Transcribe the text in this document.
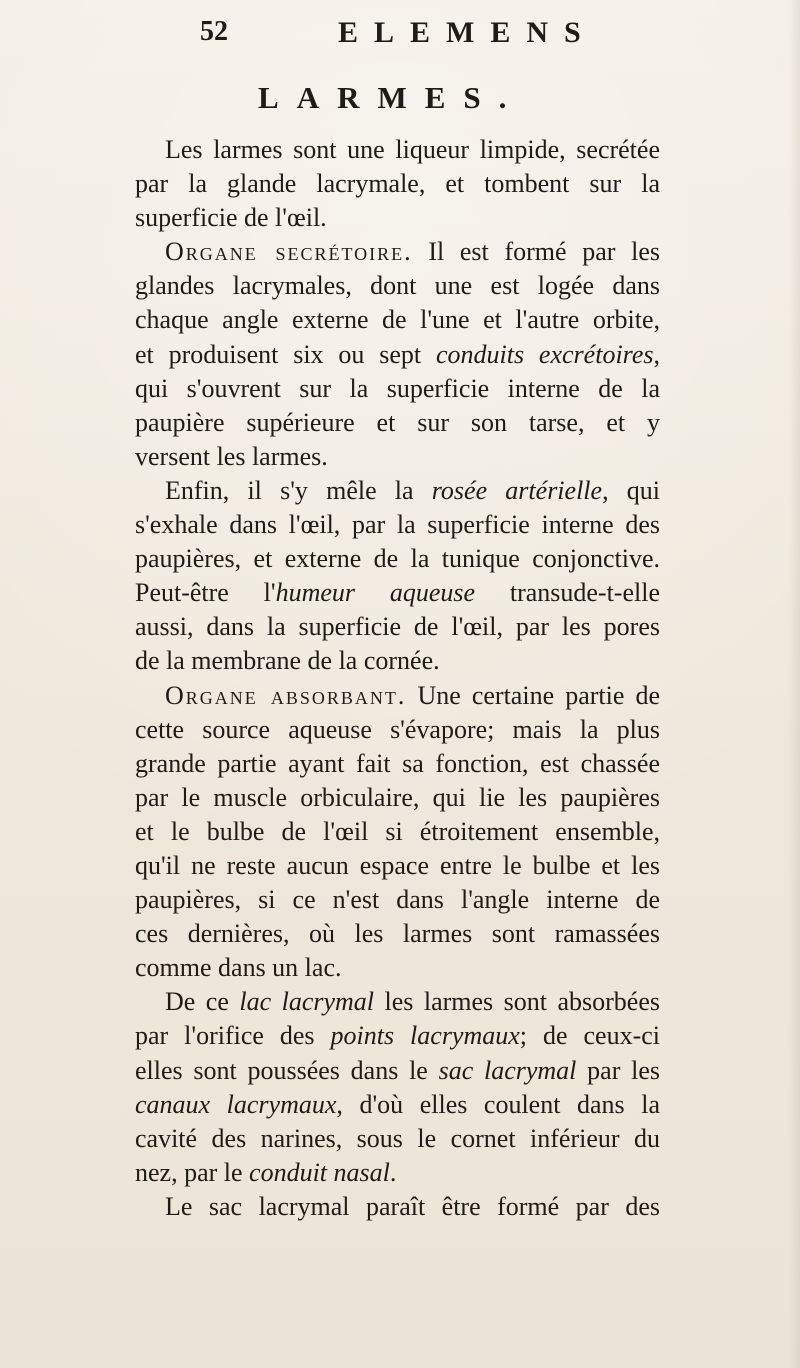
52	ELEMENS
LARMES.
Les larmes sont une liqueur limpide, secrétée
par la glande lacrymale, et tombent sur la
superficie de l'œil.
Organe secrétoire. Il est formé par les
glandes lacrymales, dont une est logée dans
chaque angle externe de l'une et l'autre orbite,
et produisent six ou sept conduits excrétoires,
qui s'ouvrent sur la superficie interne de la
paupière supérieure et sur son tarse, et y
versent les larmes.
Enfin, il s'y mêle la rosée artérielle, qui
s'exhale dans l'œil, par la superficie interne des
paupières, et externe de la tunique conjonctive.
Peut-être l'humeur aqueuse transude-t-elle
aussi, dans la superficie de l'œil, par les pores
de la membrane de la cornée.
Organe absorbant. Une certaine partie de
cette source aqueuse s'évapore; mais la plus
grande partie ayant fait sa fonction, est chassée
par le muscle orbiculaire, qui lie les paupières
et le bulbe de l'œil si étroitement ensemble,
qu'il ne reste aucun espace entre le bulbe et les
paupières, si ce n'est dans l'angle interne de
ces dernières, où les larmes sont ramassées
comme dans un lac.
De ce lac lacrymal les larmes sont absorbées
par l'orifice des points lacrymaux; de ceux-ci
elles sont poussées dans le sac lacrymal par les
canaux lacrymaux, d'où elles coulent dans la
cavité des narines, sous le cornet inférieur du
nez, par le conduit nasal.
Le sac lacrymal paraît être formé par des
